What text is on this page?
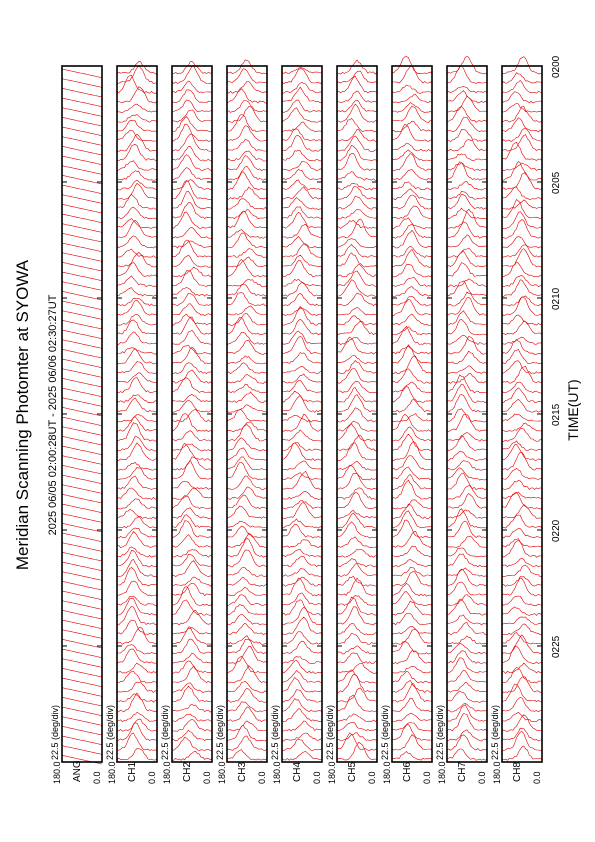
Meridian Scanning Photomter at SYOWA 2025 06/05 02:00:28UT - 2025 06/06 02:30:27UT	TIME(UT)
180.0	0.0
ANG
22.5 (deg/div)
180.0	0.0
CH1
22.5 (deg/div)
180.0	0.0
CH2
22.5 (deg/div)
180.0	0.0
CH3
22.5 (deg/div)
180.0	0.0
CH4
22.5 (deg/div)
180.0	0.0
CH5
22.5 (deg/div)
180.0	0.0
CH6
22.5 (deg/div)
180.0	0.0
CH7
22.5 (deg/div)
180.0	0.0
CH8
22.5 (deg/div)
0200
0205
0210
0215
0220
0225
